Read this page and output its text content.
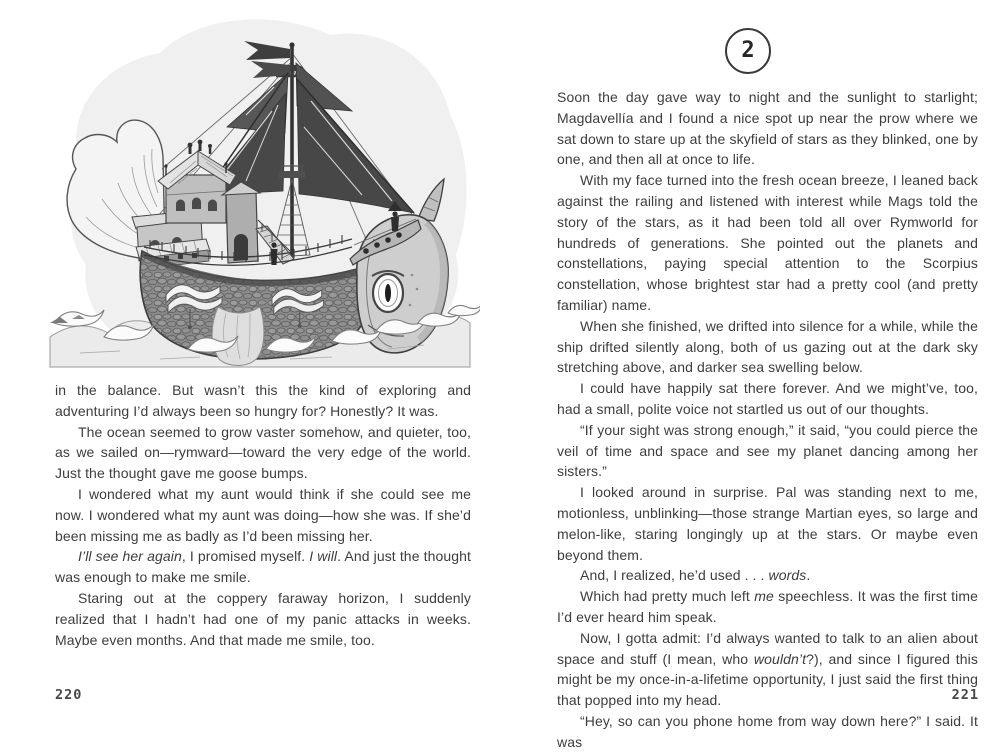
in the balance. But wasn’t this the kind of exploring and adventuring I’d always been so hungry for? Honestly? It was.

The ocean seemed to grow vaster somehow, and quieter, too, as we sailed on—rymward—toward the very edge of the world. Just the thought gave me goose bumps.

I wondered what my aunt would think if she could see me now. I wondered what my aunt was doing—how she was. If she’d been missing me as badly as I’d been missing her.

I’ll see her again, I promised myself. I will. And just the thought was enough to make me smile.

Staring out at the coppery faraway horizon, I suddenly realized that I hadn’t had one of my panic attacks in weeks. Maybe even months. And that made me smile, too.

220
2

Soon the day gave way to night and the sunlight to starlight; Magdavellía and I found a nice spot up near the prow where we sat down to stare up at the skyfield of stars as they blinked, one by one, and then all at once to life.

With my face turned into the fresh ocean breeze, I leaned back against the railing and listened with interest while Mags told the story of the stars, as it had been told all over Rymworld for hundreds of generations. She pointed out the planets and constellations, paying special attention to the Scorpius constellation, whose brightest star had a pretty cool (and pretty familiar) name.

When she finished, we drifted into silence for a while, while the ship drifted silently along, both of us gazing out at the dark sky stretching above, and darker sea swelling below.

I could have happily sat there forever. And we might’ve, too, had a small, polite voice not startled us out of our thoughts.

“If your sight was strong enough,” it said, “you could pierce the veil of time and space and see my planet dancing among her sisters.”

I looked around in surprise. Pal was standing next to me, motionless, unblinking—those strange Martian eyes, so large and melon-like, staring longingly up at the stars. Or maybe even beyond them.

And, I realized, he’d used . . . words.

Which had pretty much left me speechless. It was the first time I’d ever heard him speak.

Now, I gotta admit: I’d always wanted to talk to an alien about space and stuff (I mean, who wouldn’t?), and since I figured this might be my once-in-a-lifetime opportunity, I just said the first thing that popped into my head.

“Hey, so can you phone home from way down here?” I said. It was

221
